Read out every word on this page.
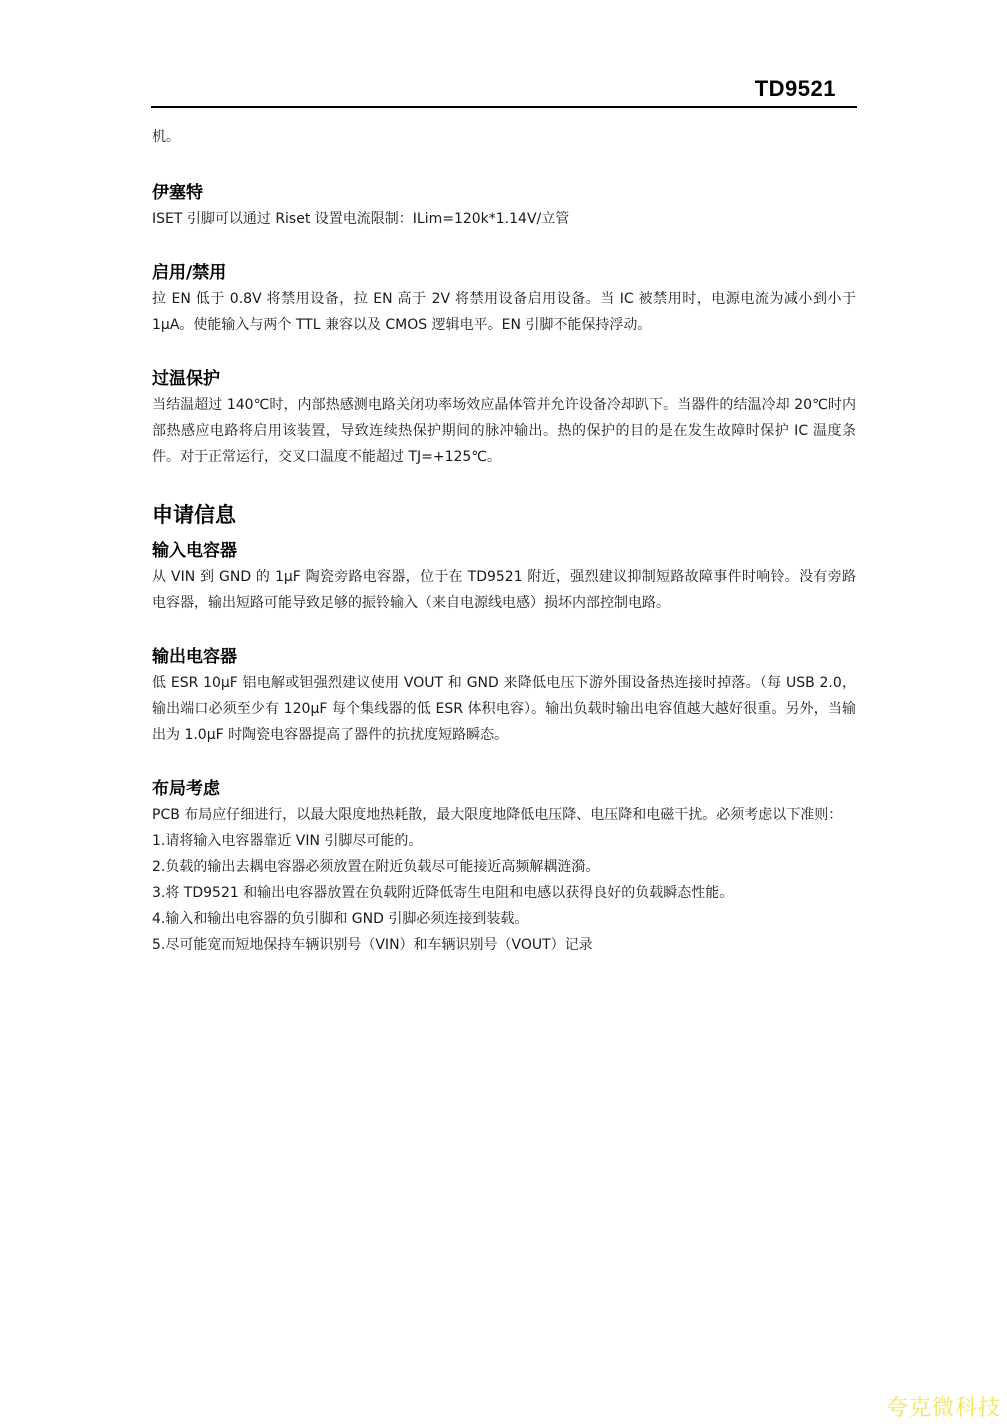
TD9521

机。

伊塞特

ISET 引脚可以通过 Riset 设置电流限制：ILim=120k*1.14V/立管

启用/禁用

拉 EN 低于 0.8V 将禁用设备，拉 EN 高于 2V 将禁用设备启用设备。当 IC 被禁用时，电源电流为减小到小于 1μA。使能输入与两个 TTL 兼容以及 CMOS 逻辑电平。EN 引脚不能保持浮动。

过温保护

当结温超过 140℃时，内部热感测电路关闭功率场效应晶体管并允许设备冷却趴下。当器件的结温冷却 20℃时内部热感应电路将启用该装置，导致连续热保护期间的脉冲输出。热的保护的目的是在发生故障时保护 IC 温度条件。对于正常运行，交叉口温度不能超过 TJ=+125℃。

申请信息
输入电容器

从 VIN 到 GND 的 1μF 陶瓷旁路电容器，位于在 TD9521 附近，强烈建议抑制短路故障事件时响铃。没有旁路电容器，输出短路可能导致足够的振铃输入（来自电源线电感）损坏内部控制电路。

输出电容器

低 ESR 10μF 铝电解或钽强烈建议使用 VOUT 和 GND 来降低电压下游外围设备热连接时掉落。（每 USB 2.0，输出端口必须至少有 120μF 每个集线器的低 ESR 体积电容）。输出负载时输出电容值越大越好很重。另外，当输出为 1.0μF 时陶瓷电容器提高了器件的抗扰度短路瞬态。

布局考虑

PCB 布局应仔细进行，以最大限度地热耗散，最大限度地降低电压降、电压降和电磁干扰。必须考虑以下准则：

1.请将输入电容器靠近 VIN 引脚尽可能的。

2.负载的输出去耦电容器必须放置在附近负载尽可能接近高频解耦涟漪。

3.将 TD9521 和输出电容器放置在负载附近降低寄生电阻和电感以获得良好的负载瞬态性能。

4.输入和输出电容器的负引脚和 GND 引脚必须连接到装载。

5.尽可能宽而短地保持车辆识别号（VIN）和车辆识别号（VOUT）记录

夸克微科技
